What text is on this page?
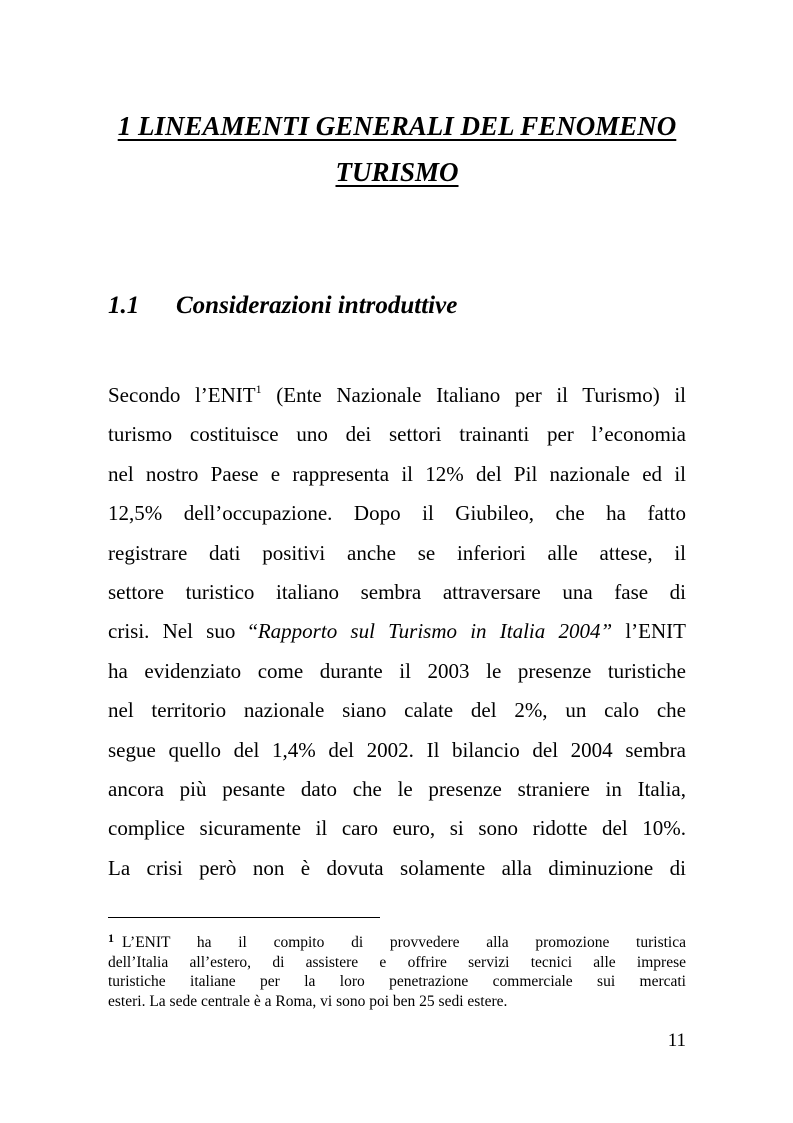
1 LINEAMENTI GENERALI DEL FENOMENO
TURISMO
1.1 Considerazioni introduttive
Secondo l’ENIT$^1$ (Ente Nazionale Italiano per il Turismo) il
turismo costituisce uno dei settori trainanti per l’economia
nel nostro Paese e rappresenta il 12% del Pil nazionale ed il
12,5% dell’occupazione. Dopo il Giubileo, che ha fatto
registrare dati positivi anche se inferiori alle attese, il
settore turistico italiano sembra attraversare una fase di
crisi. Nel suo “Rapporto sul Turismo in Italia 2004” l’ENIT
ha evidenziato come durante il 2003 le presenze turistiche
nel territorio nazionale siano calate del 2%, un calo che
segue quello del 1,4% del 2002. Il bilancio del 2004 sembra
ancora più pesante dato che le presenze straniere in Italia,
complice sicuramente il caro euro, si sono ridotte del 10%.
La crisi però non è dovuta solamente alla diminuzione di
$^1$ L’ENIT ha il compito di provvedere alla promozione turistica
dell’Italia all’estero, di assistere e offrire servizi tecnici alle imprese
turistiche italiane per la loro penetrazione commerciale sui mercati
esteri. La sede centrale è a Roma, vi sono poi ben 25 sedi estere.
11
